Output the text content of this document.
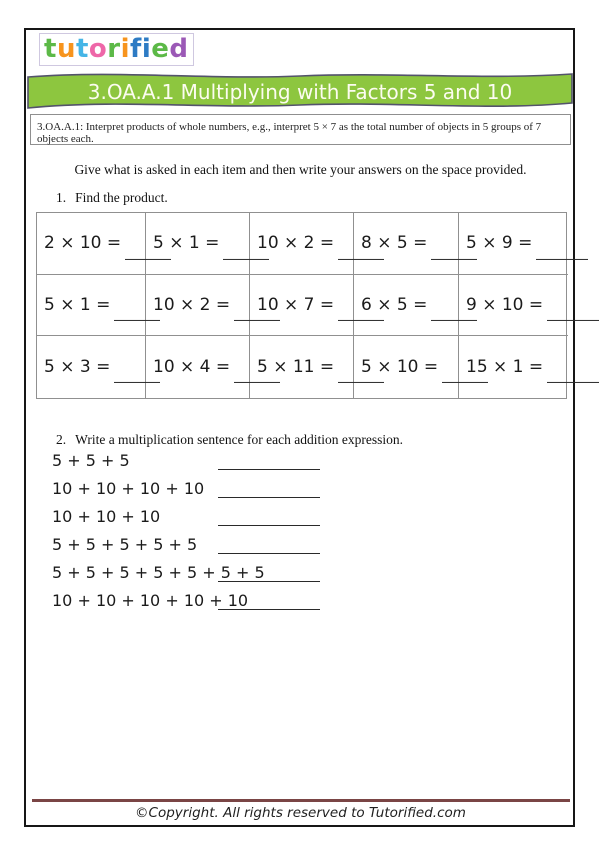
tutorified
3.OA.A.1 Multiplying with Factors 5 and 10
3.OA.A.1: Interpret products of whole numbers, e.g., interpret 5 × 7 as the total number of objects in 5 groups of 7 objects each.
Give what is asked in each item and then write your answers on the space provided.
1. Find the product.
2 × 10 = 5 × 1 = 10 × 2 = 8 × 5 = 5 × 9 =
5 × 1 =	10 × 2 = 10 × 7 = 6 × 5 = 9 × 10 =
5 × 3 =	10 × 4 = 5 × 11 = 5 × 10 = 15 × 1 =
2. Write a multiplication sentence for each addition expression.
5 + 5 + 5
10 + 10 + 10 + 10
10 + 10 + 10
5 + 5 + 5 + 5 + 5
5 + 5 + 5 + 5 + 5 + 5 + 5
10 + 10 + 10 + 10 + 10
©Copyright. All rights reserved to Tutorified.com
